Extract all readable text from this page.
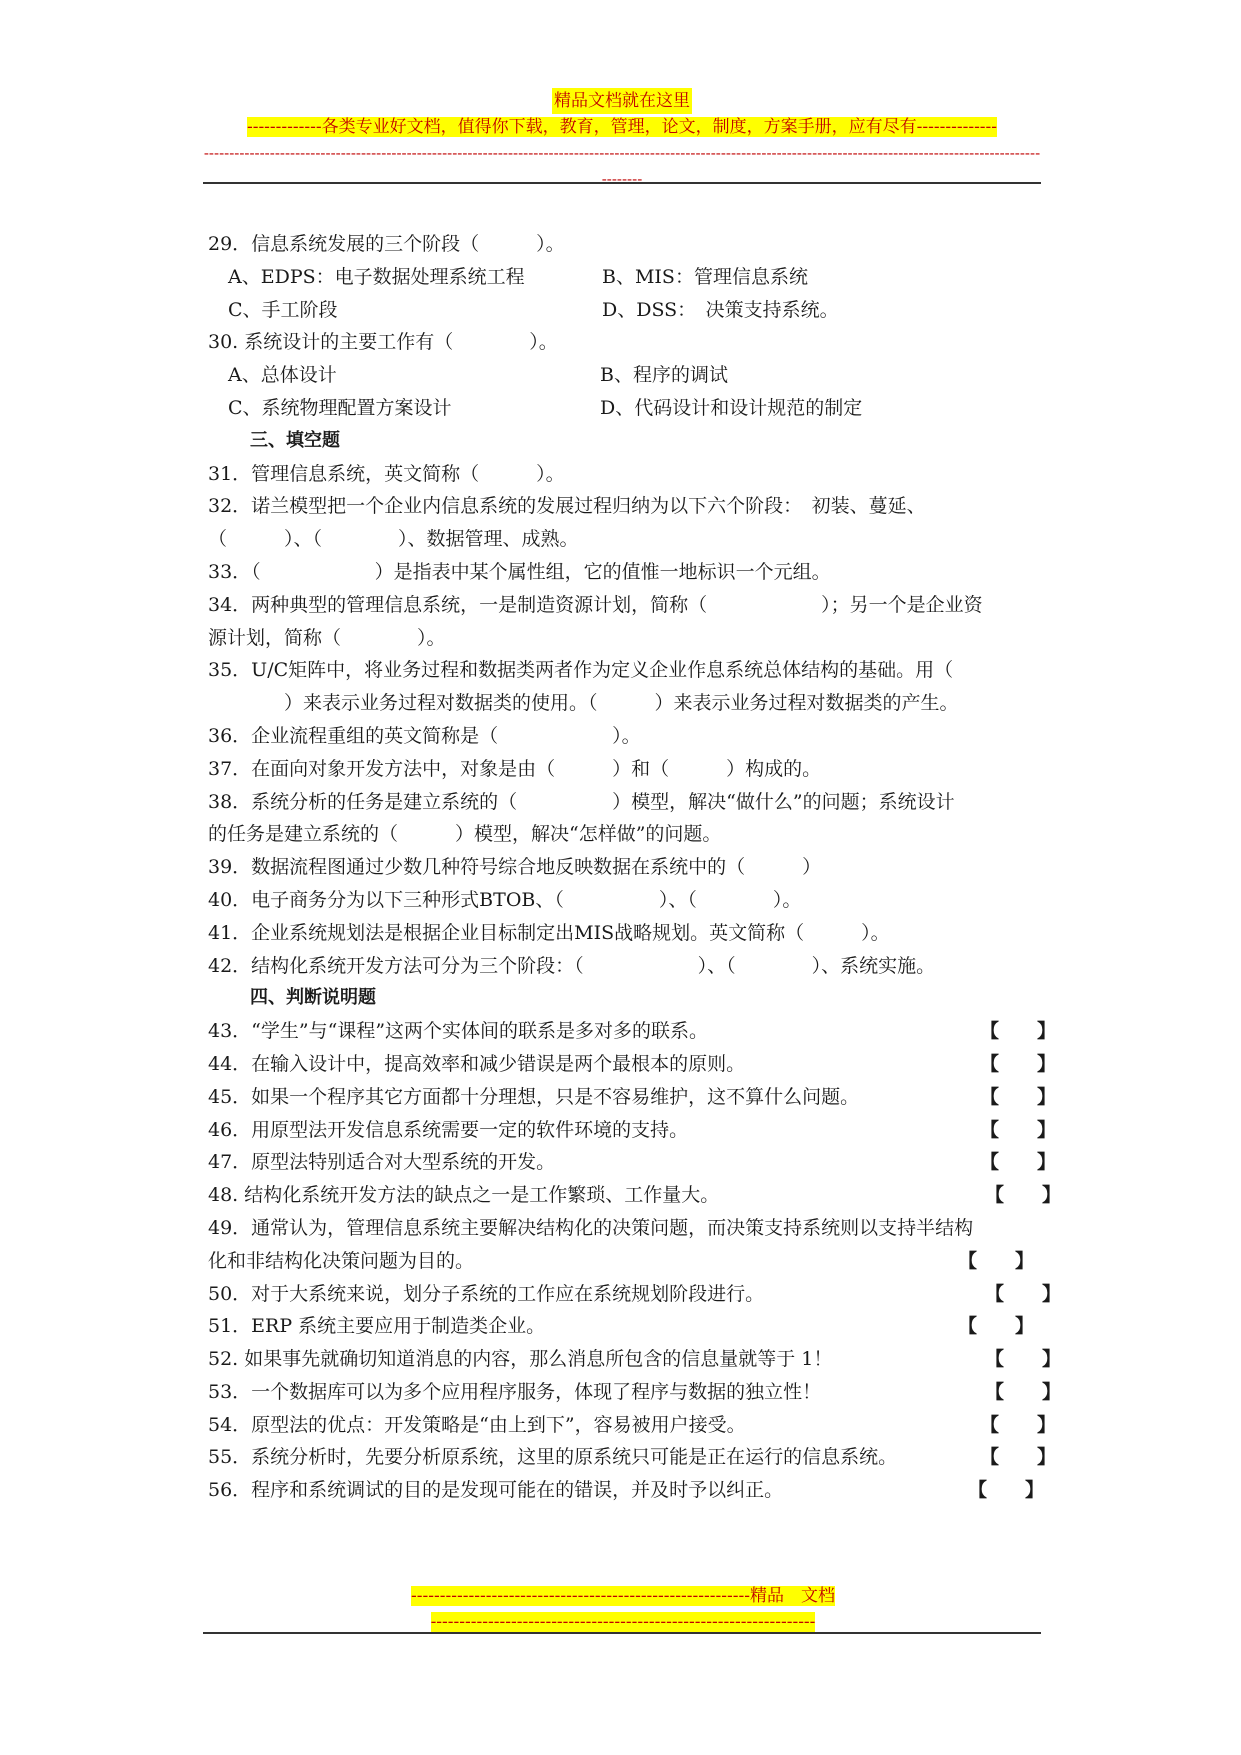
精品文档就在这里
-------------各类专业好文档，值得你下载，教育，管理，论文，制度，方案手册，应有尽有--------------
---------------------------------------------------------------------------------------------------------------------------------------------------------------------
--------
29．信息系统发展的三个阶段（　　　）。
A、EDPS：电子数据处理系统工程	B、MIS：管理信息系统
C、手工阶段	D、DSS：　决策支持系统。
30. 系统设计的主要工作有（　　　　）。
A、总体设计	B、程序的调试
C、系统物理配置方案设计	D、代码设计和设计规范的制定
三、填空题
31．管理信息系统，英文简称（　　　）。
32．诺兰模型把一个企业内信息系统的发展过程归纳为以下六个阶段：　初装、蔓延、
（　　　）、（　　　　）、数据管理、成熟。
33．（　　　　　　）是指表中某个属性组，它的值惟一地标识一个元组。
34．两种典型的管理信息系统，一是制造资源计划，简称（　　　　　　）；另一个是企业资
源计划，简称（　　　　）。
35．U/C矩阵中，将业务过程和数据类两者作为定义企业作息系统总体结构的基础。用（
　　　　）来表示业务过程对数据类的使用。（　　　）来表示业务过程对数据类的产生。
36．企业流程重组的英文简称是（　　　　　　）。
37．在面向对象开发方法中，对象是由（　　　）和（　　　）构成的。
38．系统分析的任务是建立系统的（　　　　　）模型，解决“做什么”的问题；系统设计
的任务是建立系统的（　　　）模型，解决“怎样做”的问题。
39．数据流程图通过少数几种符号综合地反映数据在系统中的（　　　）
40．电子商务分为以下三种形式BTOB、（　　　　　）、（　　　　）。
41．企业系统规划法是根据企业目标制定出MIS战略规划。英文简称（　　　）。
42．结构化系统开发方法可分为三个阶段：（　　　　　　）、（　　　　）、系统实施。
四、判断说明题
43．“学生”与“课程”这两个实体间的联系是多对多的联系。	【　　】
44．在输入设计中，提高效率和减少错误是两个最根本的原则。	【　　】
45．如果一个程序其它方面都十分理想，只是不容易维护，这不算什么问题。	【　　】
46．用原型法开发信息系统需要一定的软件环境的支持。	【　　】
47．原型法特别适合对大型系统的开发。	【　　】
48. 结构化系统开发方法的缺点之一是工作繁琐、工作量大。	【　　】
49．通常认为，管理信息系统主要解决结构化的决策问题，而决策支持系统则以支持半结构
化和非结构化决策问题为目的。	【　　】
50．对于大系统来说，划分子系统的工作应在系统规划阶段进行。	【　　】
51．ERP 系统主要应用于制造类企业。	【　　】
52. 如果事先就确切知道消息的内容，那么消息所包含的信息量就等于 1！	【　　】
53．一个数据库可以为多个应用程序服务，体现了程序与数据的独立性！	【　　】
54．原型法的优点：开发策略是“由上到下”，容易被用户接受。	【　　】
55．系统分析时，先要分析原系统，这里的原系统只可能是正在运行的信息系统。	【　　】
56．程序和系统调试的目的是发现可能在的错误，并及时予以纠正。	【　　】
-----------------------------------------------------------精品　文档
-------------------------------------------------------------------
